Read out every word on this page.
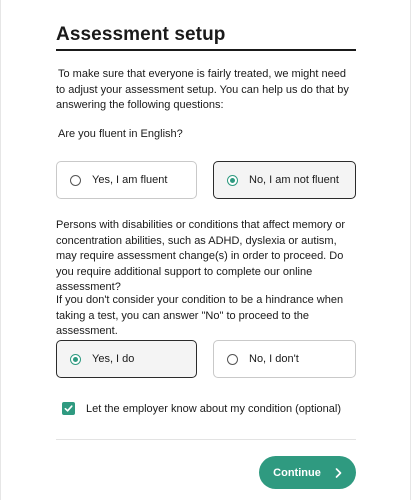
Assessment setup
To make sure that everyone is fairly treated, we might need to adjust your assessment setup. You can help us do that by answering the following questions:
Are you fluent in English?
Yes, I am fluent	No, I am not fluent
Persons with disabilities or conditions that affect memory or concentration abilities, such as ADHD, dyslexia or autism, may require assessment change(s) in order to proceed. Do you require additional support to complete our online assessment?
If you don't consider your condition to be a hindrance when taking a test, you can answer "No" to proceed to the assessment.
Yes, I do	No, I don't
Let the employer know about my condition (optional)
Continue
